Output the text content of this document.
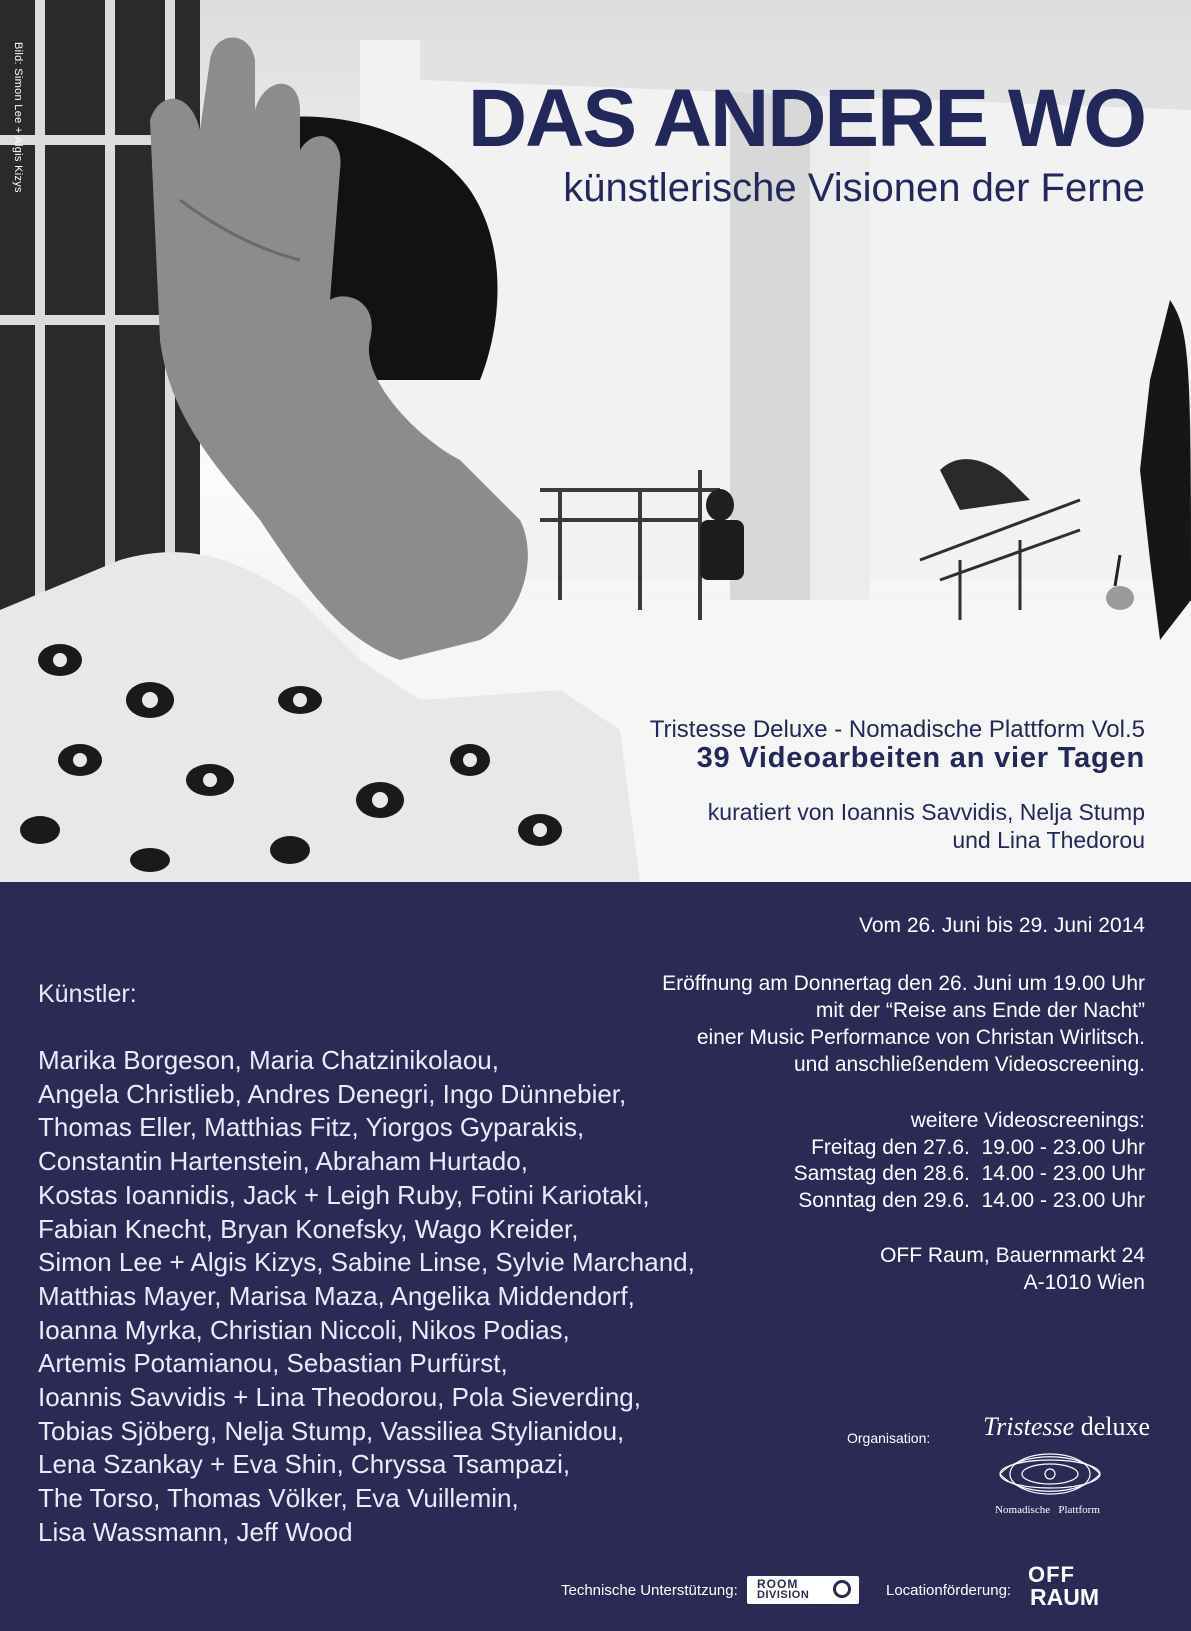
Bild: Simon Lee + Algis Kizys	DAS ANDERE WO
künstlerische Visionen der Ferne
Tristesse Deluxe - Nomadische Plattform Vol.5
39 Videoarbeiten an vier Tagen
kuratiert von Ioannis Savvidis, Nelja Stump
und Lina Thedorou
Vom 26. Juni bis 29. Juni 2014
Eröffnung am Donnertag den 26. Juni um 19.00 Uhr
mit der “Reise ans Ende der Nacht”
einer Music Performance von Christan Wirlitsch.
und anschließendem Videoscreening.
weitere Videoscreenings:
Freitag den 27.6.  19.00 - 23.00 Uhr
Samstag den 28.6.  14.00 - 23.00 Uhr
Sonntag den 29.6.  14.00 - 23.00 Uhr
OFF Raum, Bauernmarkt 24
A-1010 Wien
Künstler:
Marika Borgeson, Maria Chatzinikolaou,
Angela Christlieb, Andres Denegri, Ingo Dünnebier,
Thomas Eller, Matthias Fitz, Yiorgos Gyparakis,
Constantin Hartenstein, Abraham Hurtado,
Kostas Ioannidis, Jack + Leigh Ruby, Fotini Kariotaki,
Fabian Knecht, Bryan Konefsky, Wago Kreider,
Simon Lee + Algis Kizys, Sabine Linse, Sylvie Marchand,
Matthias Mayer, Marisa Maza, Angelika Middendorf,
Ioanna Myrka, Christian Niccoli, Nikos Podias,
Artemis Potamianou, Sebastian Purfürst,
Ioannis Savvidis + Lina Theodorou, Pola Sieverding,
Tobias Sjöberg, Nelja Stump, Vassiliea Stylianidou,
Lena Szankay + Eva Shin, Chryssa Tsampazi,
The Torso, Thomas Völker, Eva Vuillemin,
Lisa Wassmann, Jeff Wood
Organisation:	Tristesse deluxe
Nomadische   Plattform
Technische Unterstützung: ROOM
DIVISION	Locationförderung:
OFF
RAUM
